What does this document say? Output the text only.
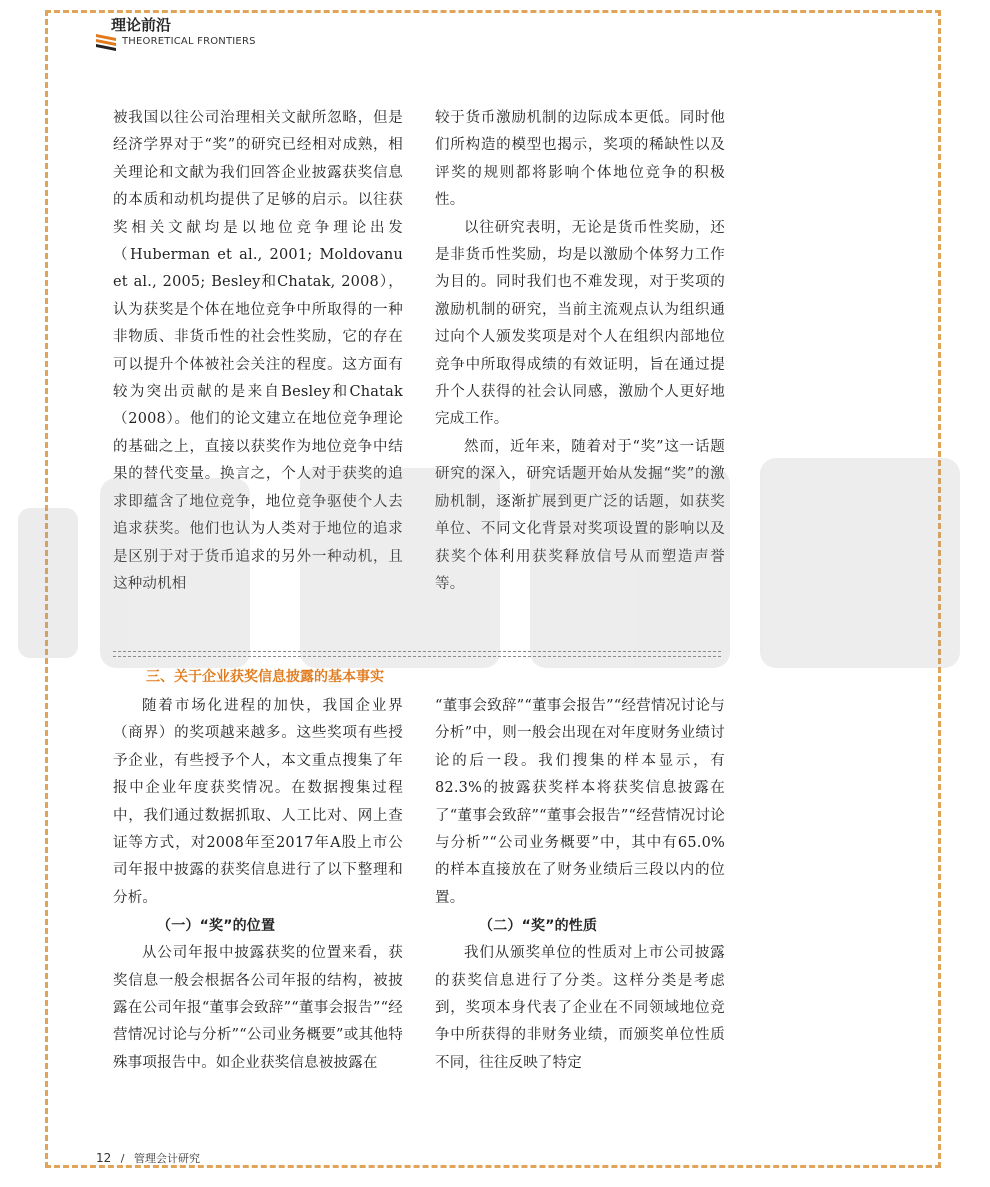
理论前沿
THEORETICAL FRONTIERS

被我国以往公司治理相关文献所忽略，但是经济学界对于“奖”的研究已经相对成熟，相关理论和文献为我们回答企业披露获奖信息的本质和动机均提供了足够的启示。以往获奖相关文献均是以地位竞争理论出发（Huberman et al., 2001; Moldovanu et al., 2005; Besley和Chatak, 2008），认为获奖是个体在地位竞争中所取得的一种非物质、非货币性的社会性奖励，它的存在可以提升个体被社会关注的程度。这方面有较为突出贡献的是来自Besley和Chatak（2008）。他们的论文建立在地位竞争理论的基础之上，直接以获奖作为地位竞争中结果的替代变量。换言之，个人对于获奖的追求即蕴含了地位竞争，地位竞争驱使个人去追求获奖。他们也认为人类对于地位的追求是区别于对于货币追求的另外一种动机，且这种动机相

较于货币激励机制的边际成本更低。同时他们所构造的模型也揭示，奖项的稀缺性以及评奖的规则都将影响个体地位竞争的积极性。

以往研究表明，无论是货币性奖励，还是非货币性奖励，均是以激励个体努力工作为目的。同时我们也不难发现，对于奖项的激励机制的研究，当前主流观点认为组织通过向个人颁发奖项是对个人在组织内部地位竞争中所取得成绩的有效证明，旨在通过提升个人获得的社会认同感，激励个人更好地完成工作。

然而，近年来，随着对于“奖”这一话题研究的深入，研究话题开始从发掘“奖”的激励机制，逐渐扩展到更广泛的话题，如获奖单位、不同文化背景对奖项设置的影响以及获奖个体利用获奖释放信号从而塑造声誉等。

三、关于企业获奖信息披露的基本事实

随着市场化进程的加快，我国企业界（商界）的奖项越来越多。这些奖项有些授予企业，有些授予个人，本文重点搜集了年报中企业年度获奖情况。在数据搜集过程中，我们通过数据抓取、人工比对、网上查证等方式，对2008年至2017年A股上市公司年报中披露的获奖信息进行了以下整理和分析。

（一）“奖”的位置

从公司年报中披露获奖的位置来看，获奖信息一般会根据各公司年报的结构，被披露在公司年报“董事会致辞”“董事会报告”“经营情况讨论与分析”“公司业务概要”或其他特殊事项报告中。如企业获奖信息被披露在

“董事会致辞”“董事会报告”“经营情况讨论与分析”中，则一般会出现在对年度财务业绩讨论的后一段。我们搜集的样本显示，有82.3%的披露获奖样本将获奖信息披露在了“董事会致辞”“董事会报告”“经营情况讨论与分析”“公司业务概要”中，其中有65.0%的样本直接放在了财务业绩后三段以内的位置。

（二）“奖”的性质

我们从颁奖单位的性质对上市公司披露的获奖信息进行了分类。这样分类是考虑到，奖项本身代表了企业在不同领域地位竞争中所获得的非财务业绩，而颁奖单位性质不同，往往反映了特定

12 / 管理会计研究
